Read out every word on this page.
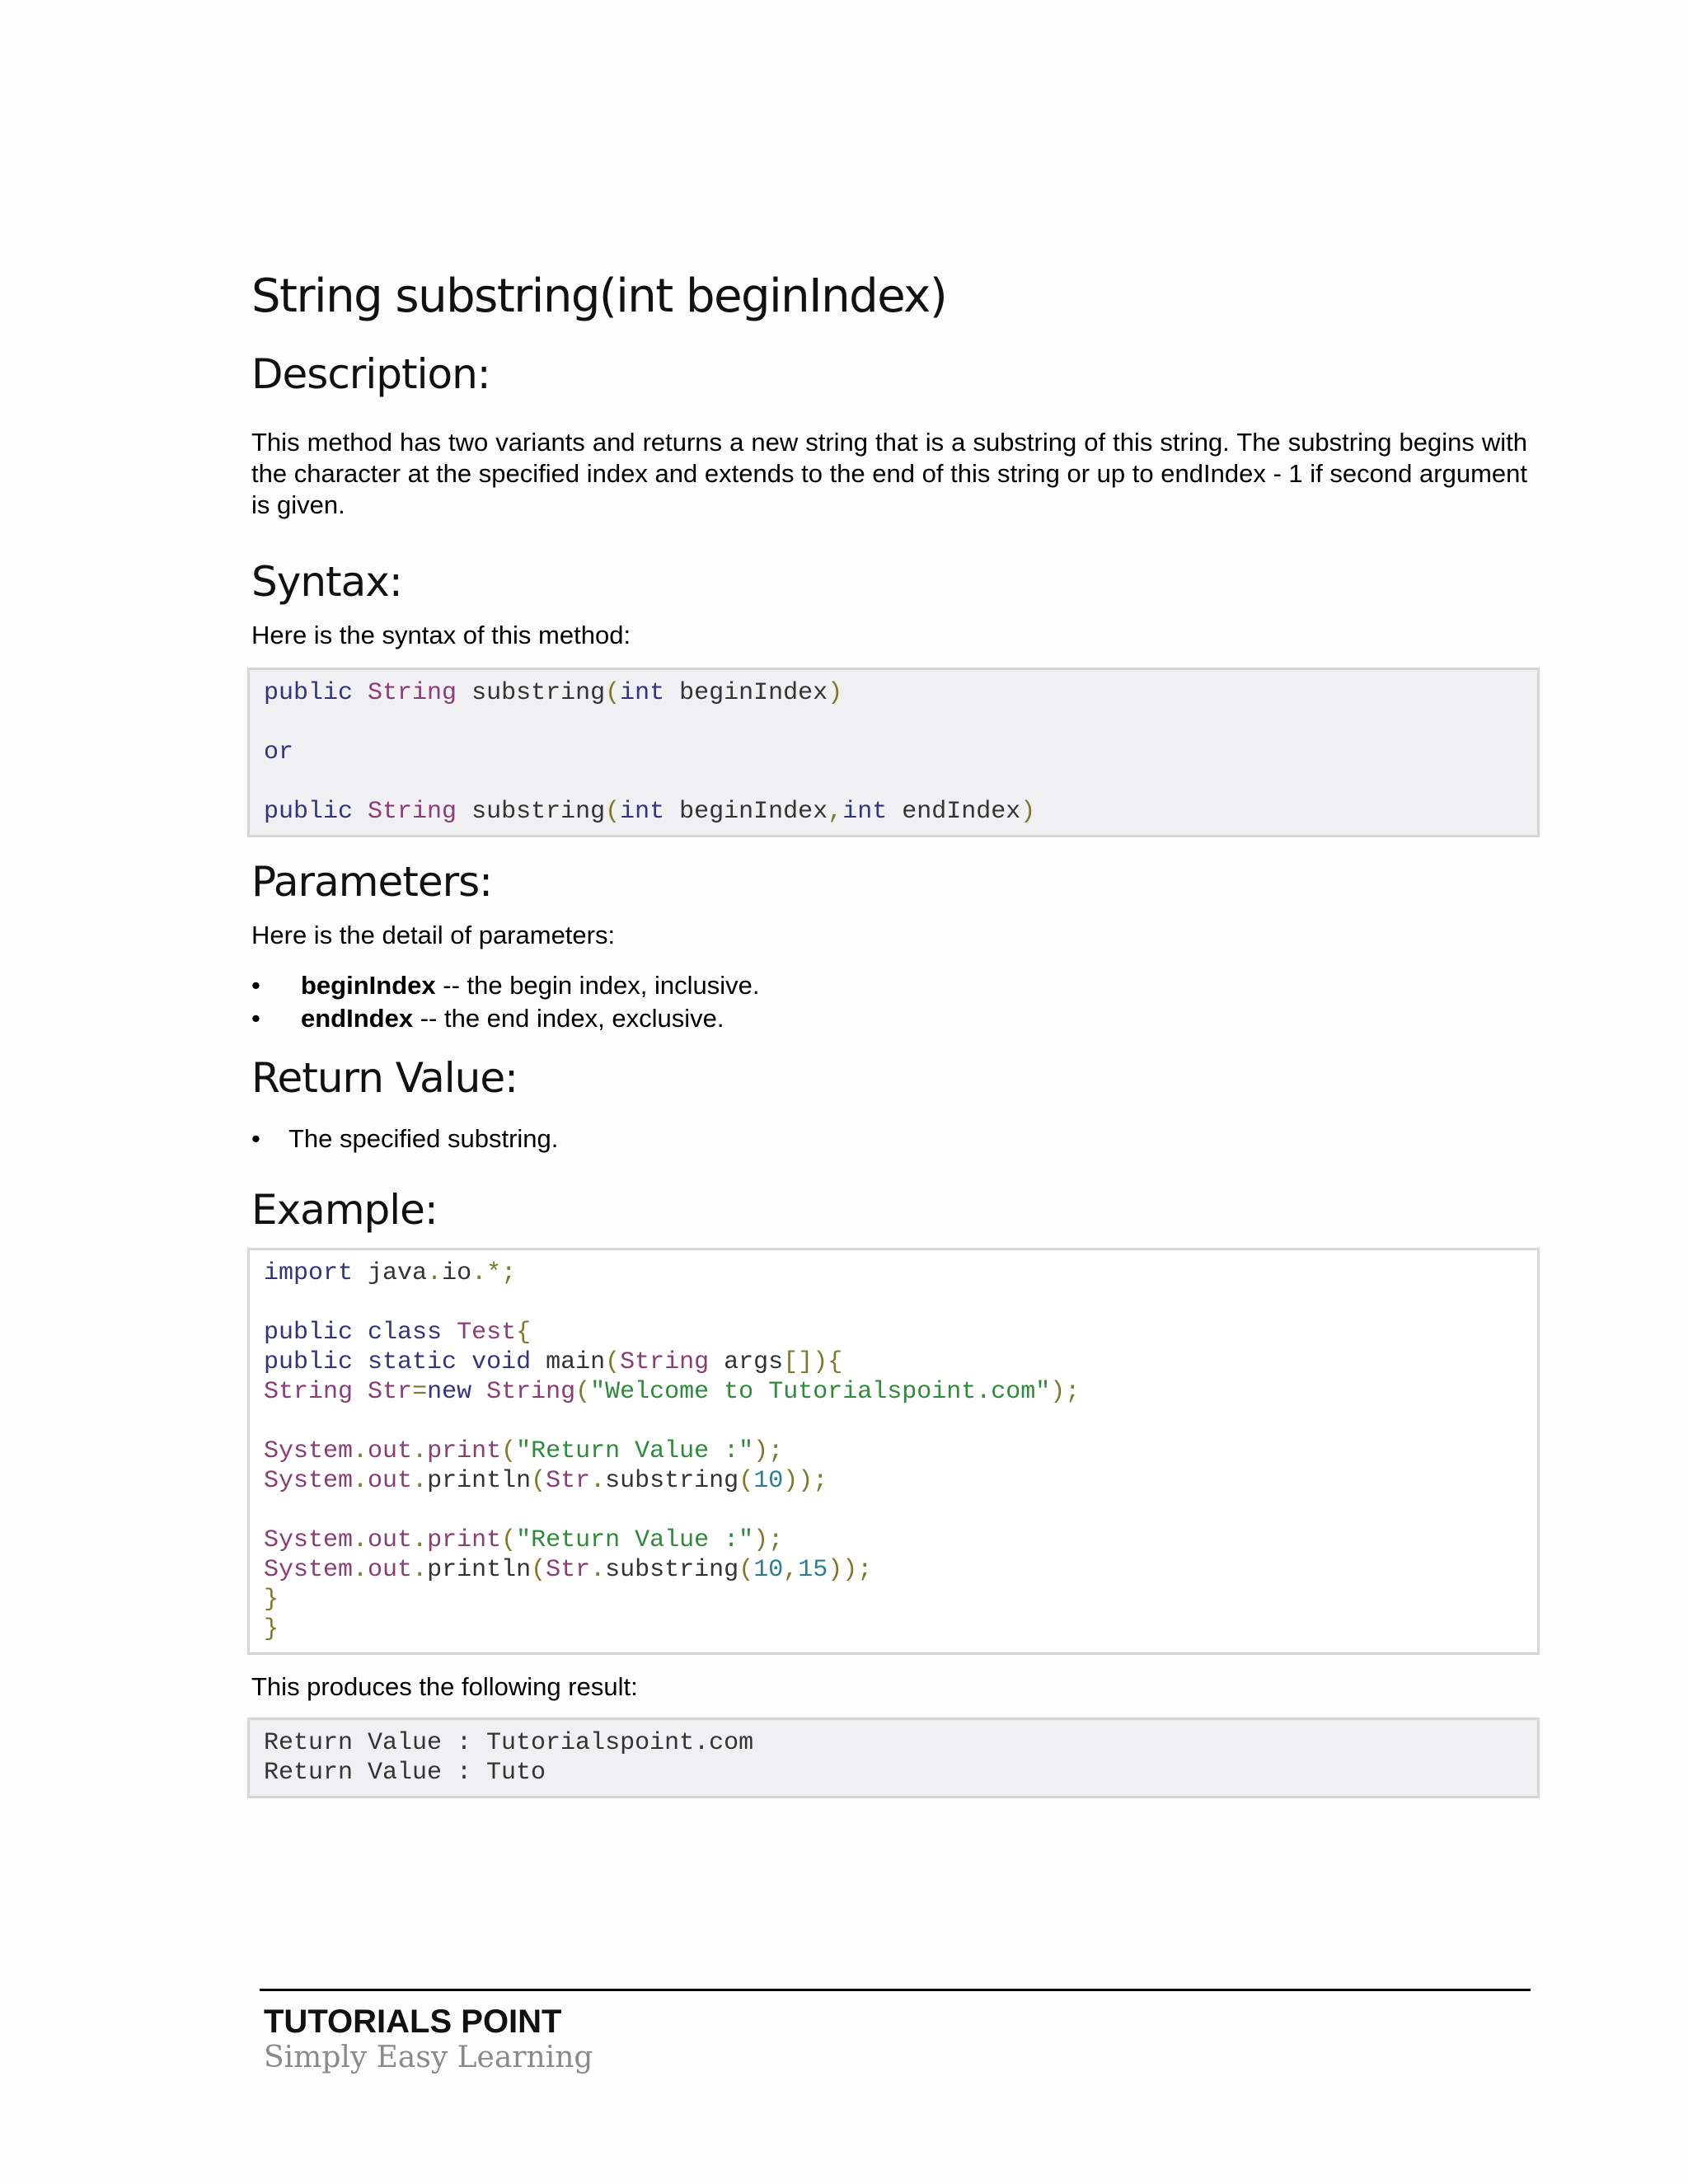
String substring(int beginIndex)
Description:

This method has two variants and returns a new string that is a substring of this string. The substring begins with the character at the specified index and extends to the end of this string or up to endIndex - 1 if second argument is given.

Syntax:

Here is the syntax of this method:

public String substring(int beginIndex)
or
public String substring(int beginIndex,int endIndex)
Parameters:

Here is the detail of parameters:

• beginIndex -- the begin index, inclusive.
• endIndex -- the end index, exclusive.
Return Value:
• The specified substring.
Example:
import java.io.*;
public class Test{
public static void main(String args[]){
String Str=new String("Welcome to Tutorialspoint.com");
System.out.print("Return Value :");
System.out.println(Str.substring(10));
System.out.print("Return Value :");
System.out.println(Str.substring(10,15));
}
}

This produces the following result:

Return Value : Tutorialspoint.com
Return Value : Tuto
TUTORIALS POINT
Simply Easy Learning
